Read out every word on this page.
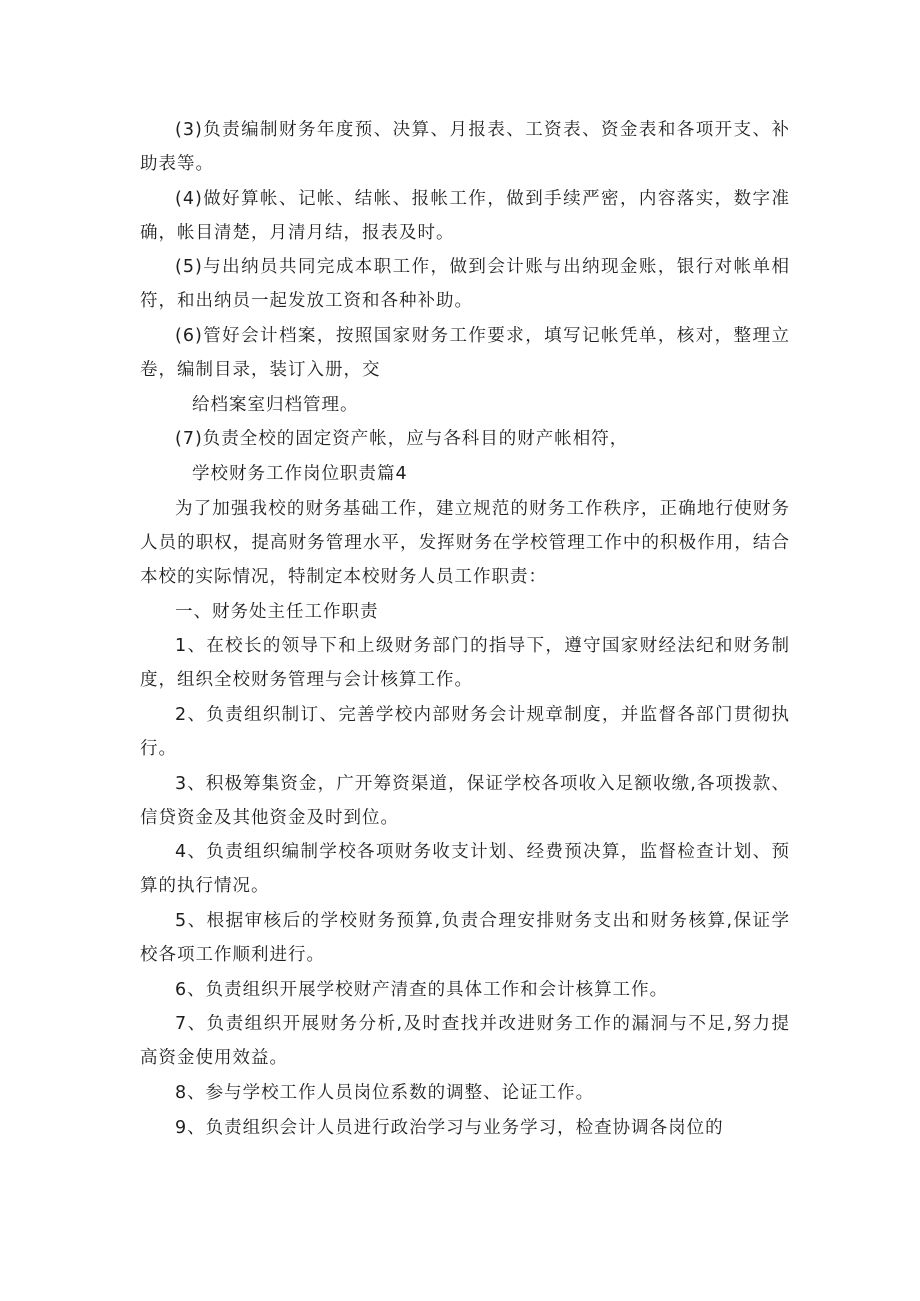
(3)负责编制财务年度预、决算、月报表、工资表、资金表和各项开支、补助表等。

(4)做好算帐、记帐、结帐、报帐工作，做到手续严密，内容落实，数字准确，帐目清楚，月清月结，报表及时。

(5)与出纳员共同完成本职工作，做到会计账与出纳现金账，银行对帐单相符，和出纳员一起发放工资和各种补助。

(6)管好会计档案，按照国家财务工作要求，填写记帐凭单，核对，整理立卷，编制目录，装订入册，交

给档案室归档管理。

(7)负责全校的固定资产帐，应与各科目的财产帐相符，

学校财务工作岗位职责篇4

为了加强我校的财务基础工作，建立规范的财务工作秩序，正确地行使财务人员的职权，提高财务管理水平，发挥财务在学校管理工作中的积极作用，结合本校的实际情况，特制定本校财务人员工作职责：

一、财务处主任工作职责

1、在校长的领导下和上级财务部门的指导下，遵守国家财经法纪和财务制度，组织全校财务管理与会计核算工作。

2、负责组织制订、完善学校内部财务会计规章制度，并监督各部门贯彻执行。

3、积极筹集资金，广开筹资渠道，保证学校各项收入足额收缴,各项拨款、信贷资金及其他资金及时到位。

4、负责组织编制学校各项财务收支计划、经费预决算，监督检查计划、预算的执行情况。

5、根据审核后的学校财务预算,负责合理安排财务支出和财务核算,保证学校各项工作顺利进行。

6、负责组织开展学校财产清查的具体工作和会计核算工作。

7、负责组织开展财务分析,及时查找并改进财务工作的漏洞与不足,努力提高资金使用效益。

8、参与学校工作人员岗位系数的调整、论证工作。

9、负责组织会计人员进行政治学习与业务学习，检查协调各岗位的
